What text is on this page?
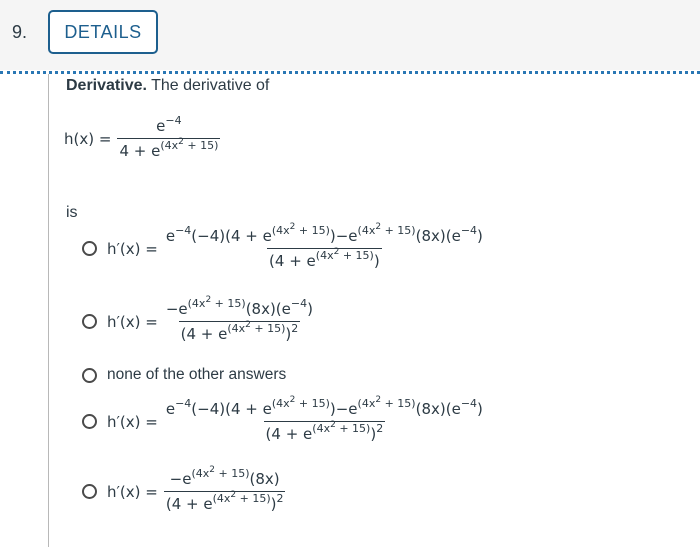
9.	DETAILS
Derivative. The derivative of
$h(x) = \frac{e^{-4}}{4 + e^{(4x^2 + 15)}}$
is
$h'(x) = \frac{e^{-4}(-4)(4 + e^{(4x^2 + 15)})-e^{(4x^2 + 15)}(8x)(e^{-4})}{(4 + e^{(4x^2 + 15)})}$
$h'(x) = \frac{-e^{(4x^2 + 15)}(8x)(e^{-4})}{(4 + e^{(4x^2 + 15)})^2}$
none of the other answers
$h'(x) = \frac{e^{-4}(-4)(4 + e^{(4x^2 + 15)})-e^{(4x^2 + 15)}(8x)(e^{-4})}{(4 + e^{(4x^2 + 15)})^2}$
$h'(x) = \frac{-e^{(4x^2 + 15)}(8x)}{(4 + e^{(4x^2 + 15)})^2}$
